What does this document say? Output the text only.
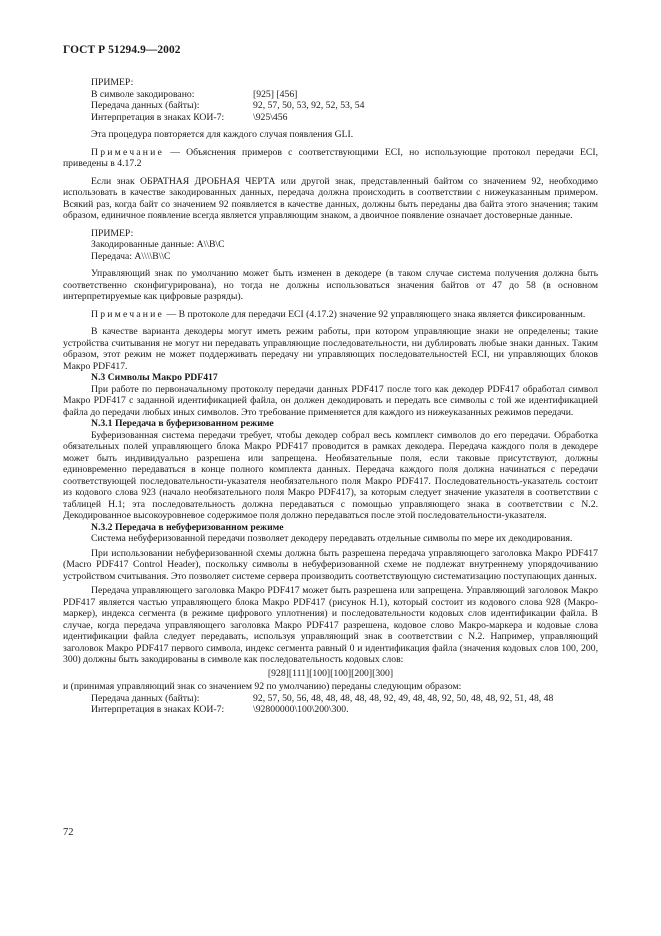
ГОСТ Р 51294.9—2002
ПРИМЕР:
В символе закодировано:	[925] [456]
Передача данных (байты):	92, 57, 50, 53, 92, 52, 53, 54
Интерпретация в знаках КОИ-7:	\925\456

Эта процедура повторяется для каждого случая появления GLI.

Примечание — Объяснения примеров с соответствующими ECI, но использующие протокол передачи ECI, приведены в 4.17.2

Если знак ОБРАТНАЯ ДРОБНАЯ ЧЕРТА или другой знак, представленный байтом со значением 92, необходимо использовать в качестве закодированных данных, передача должна происходить в соответствии с нижеуказанным примером. Всякий раз, когда байт со значением 92 появляется в качестве данных, должны быть переданы два байта этого значения; таким образом, единичное появление всегда является управляющим знаком, а двоичное появление означает достоверные данные.

ПРИМЕР:
Закодированные данные: A\\B\C
Передача: A\\\\B\\C

Управляющий знак по умолчанию может быть изменен в декодере (в таком случае система получения должна быть соответственно сконфигурирована), но тогда не должны использоваться значения байтов от 47 до 58 (в основном интерпретируемые как цифровые разряды).

Примечание — В протоколе для передачи ECI (4.17.2) значение 92 управляющего знака является фиксированным.

В качестве варианта декодеры могут иметь режим работы, при котором управляющие знаки не определены; такие устройства считывания не могут ни передавать управляющие последовательности, ни дублировать любые знаки данных. Таким образом, этот режим не может поддерживать передачу ни управляющих последовательностей ECI, ни управляющих блоков Макро PDF417.

N.3 Символы Макро PDF417

При работе по первоначальному протоколу передачи данных PDF417 после того как декодер PDF417 обработал символ Макро PDF417 с заданной идентификацией файла, он должен декодировать и передать все символы с той же идентификацией файла до передачи любых иных символов. Это требование применяется для каждого из нижеуказанных режимов передачи.

N.3.1 Передача в буферизованном режиме

Буферизованная система передачи требует, чтобы декодер собрал весь комплект символов до его передачи. Обработка обязательных полей управляющего блока Макро PDF417 проводится в рамках декодера. Передача каждого поля в декодере может быть индивидуально разрешена или запрещена. Необязательные поля, если таковые присутствуют, должны единовременно передаваться в конце полного комплекта данных. Передача каждого поля должна начинаться с передачи соответствующей последовательности-указателя необязательного поля Макро PDF417. Последовательность-указатель состоит из кодового слова 923 (начало необязательного поля Макро PDF417), за которым следует значение указателя в соответствии с таблицей Н.1; эта последовательность должна передаваться с помощью управляющего знака в соответствии с N.2. Декодированное высокоуровневое содержимое поля должно передаваться после этой последовательности-указателя.

N.3.2 Передача в небуферизованном режиме

Система небуферизованной передачи позволяет декодеру передавать отдельные символы по мере их декодирования.

При использовании небуферизованной схемы должна быть разрешена передача управляющего заголовка Макро PDF417 (Macro PDF417 Control Header), поскольку символы в небуферизованной схеме не подлежат внутреннему упорядочиванию устройством считывания. Это позволяет системе сервера производить соответствующую систематизацию поступающих данных.

Передача управляющего заголовка Макро PDF417 может быть разрешена или запрещена. Управляющий заголовок Макро PDF417 является частью управляющего блока Макро PDF417 (рисунок Н.1), который состоит из кодового слова 928 (Макро-маркер), индекса сегмента (в режиме цифрового уплотнения) и последовательности кодовых слов идентификации файла. В случае, когда передача управляющего заголовка Макро PDF417 разрешена, кодовое слово Макро-маркера и кодовые слова идентификации файла следует передавать, используя управляющий знак в соответствии с N.2. Например, управляющий заголовок Макро PDF417 первого символа, индекс сегмента равный 0 и идентификация файла (значения кодовых слов 100, 200, 300) должны быть закодированы в символе как последовательность кодовых слов:

[928][111][100][100][200][300]

и (принимая управляющий знак со значением 92 по умолчанию) переданы следующим образом:

Передача данных (байты):	92, 57, 50, 56, 48, 48, 48, 48, 48, 92, 49, 48, 48, 92, 50, 48, 48, 92, 51, 48, 48
Интерпретация в знаках КОИ-7:	\92800000\100\200\300.
72
